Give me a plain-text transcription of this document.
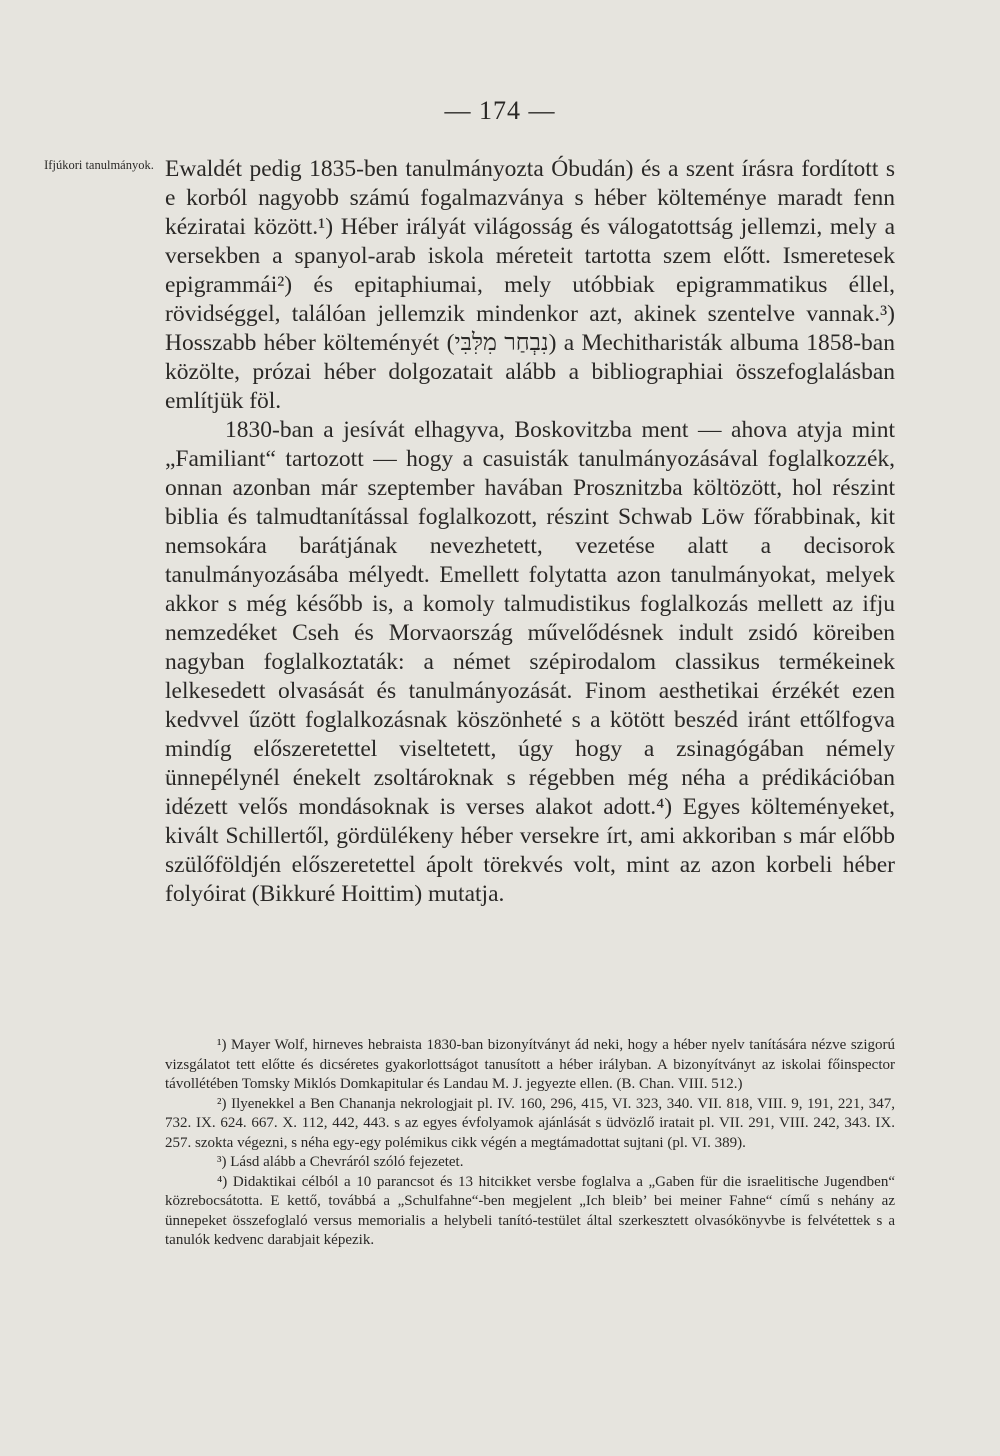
— 174 —
Ifjúkori tanulmányok. Ewaldét pedig 1835-ben tanulmányozta Óbudán) és a szent írásra fordított s e korból nagyobb számú fogalmazványa s héber költeménye maradt fenn kéziratai között.¹) Héber irályát világosság és válogatottság jellemzi, mely a versekben a spanyol-arab iskola méreteit tartotta szem előtt. Ismeretesek epigrammái²) és epitaphiumai, mely utóbbiak epigrammatikus éllel, rövidséggel, találóan jellemzik mindenkor azt, akinek szentelve vannak.³) Hosszabb héber költeményét (נִבְחַר מִלִּבִּי) a Mechitharisták albuma 1858-ban közölte, prózai héber dolgozatait alább a bibliographiai összefoglalásban említjük föl.

1830-ban a jesívát elhagyva, Boskovitzba ment — ahova atyja mint „Familiant“ tartozott — hogy a casuisták tanulmányozásával foglalkozzék, onnan azonban már szeptember havában Prosznitzba költözött, hol részint biblia és talmudtanítással foglalkozott, részint Schwab Löw főrabbinak, kit nemsokára barátjának nevezhetett, vezetése alatt a decisorok tanulmányozásába mélyedt. Emellett folytatta azon tanulmányokat, melyek akkor s még később is, a komoly talmudistikus foglalkozás mellett az ifju nemzedéket Cseh és Morvaország művelődésnek indult zsidó köreiben nagyban foglalkoztaták: a német szépirodalom classikus termékeinek lelkesedett olvasását és tanulmányozását. Finom aesthetikai érzékét ezen kedvvel űzött foglalkozásnak köszönheté s a kötött beszéd iránt ettőlfogva mindíg előszeretettel viseltetett, úgy hogy a zsinagógában némely ünnepélynél énekelt zsoltároknak s régebben még néha a prédikációban idézett velős mondásoknak is verses alakot adott.⁴) Egyes költeményeket, kivált Schillertől, gördülékeny héber versekre írt, ami akkoriban s már előbb szülőföldjén előszeretettel ápolt törekvés volt, mint az azon korbeli héber folyóirat (Bikkuré Hoittim) mutatja.

¹) Mayer Wolf, hirneves hebraista 1830-ban bizonyítványt ád neki, hogy a héber nyelv tanítására nézve szigorú vizsgálatot tett előtte és dicséretes gyakorlottságot tanusított a héber irályban. A bizonyítványt az iskolai főinspector távollétében Tomsky Miklós Domkapitular és Landau M. J. jegyezte ellen. (B. Chan. VIII. 512.)

²) Ilyenekkel a Ben Chananja nekrologjait pl. IV. 160, 296, 415, VI. 323, 340. VII. 818, VIII. 9, 191, 221, 347, 732. IX. 624. 667. X. 112, 442, 443. s az egyes évfolyamok ajánlását s üdvözlő iratait pl. VII. 291, VIII. 242, 343. IX. 257. szokta végezni, s néha egy-egy polémikus cikk végén a megtámadottat sujtani (pl. VI. 389).

³) Lásd alább a Chevráról szóló fejezetet.

⁴) Didaktikai célból a 10 parancsot és 13 hitcikket versbe foglalva a „Gaben für die israelitische Jugendben“ közrebocsátotta. E kettő, továbbá a „Schulfahne“-ben megjelent „Ich bleib’ bei meiner Fahne“ című s nehány az ünnepeket összefoglaló versus memorialis a helybeli tanító-testület által szerkesztett olvasókönyvbe is felvétettek s a tanulók kedvenc darabjait képezik.
